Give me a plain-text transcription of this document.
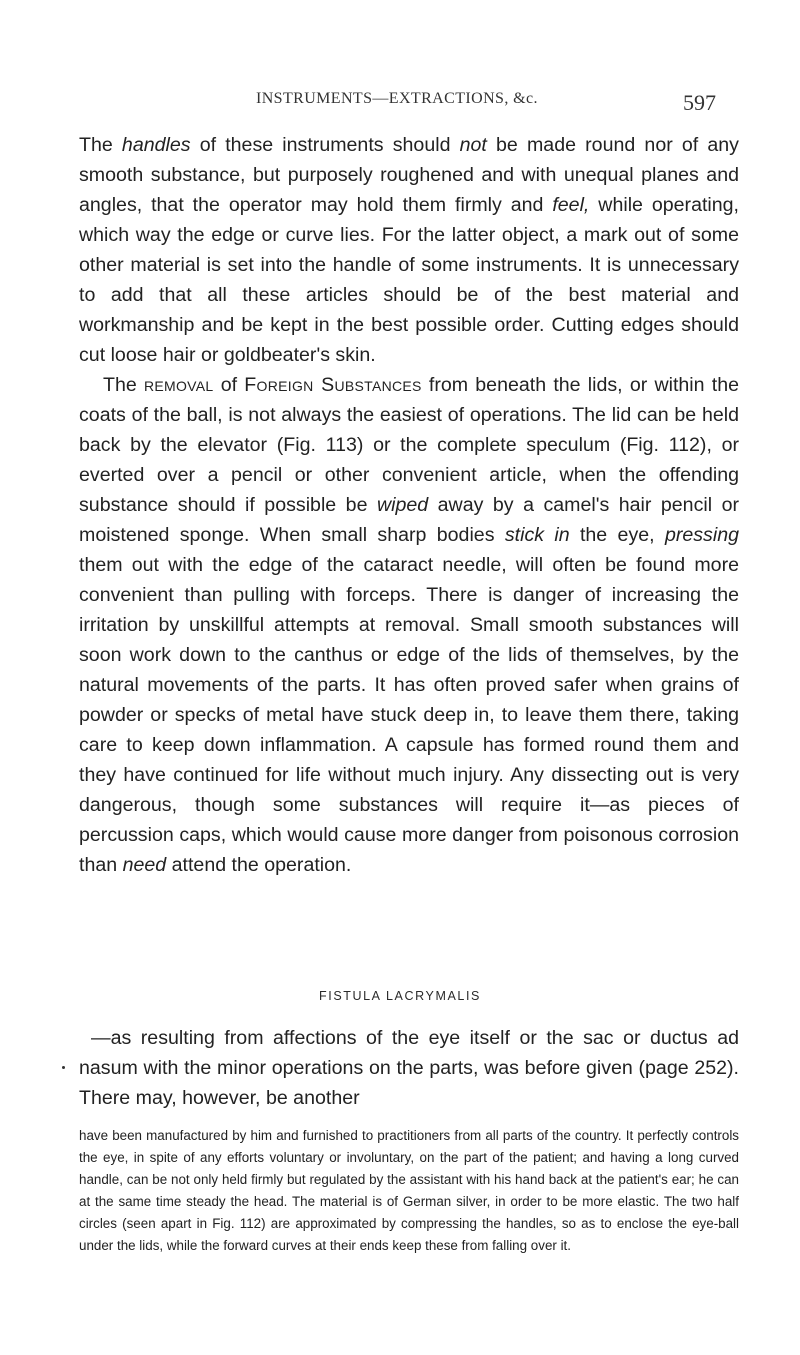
INSTRUMENTS—EXTRACTIONS, &c.	597

The handles of these instruments should not be made round nor of any smooth substance, but purposely roughened and with unequal planes and angles, that the operator may hold them firmly and feel, while operating, which way the edge or curve lies. For the latter object, a mark out of some other material is set into the handle of some instruments. It is unnecessary to add that all these articles should be of the best material and workmanship and be kept in the best possible order. Cutting edges should cut loose hair or goldbeater's skin.

The removal of Foreign Substances from beneath the lids, or within the coats of the ball, is not always the easiest of operations. The lid can be held back by the elevator (Fig. 113) or the complete speculum (Fig. 112), or everted over a pencil or other convenient article, when the offending substance should if possible be wiped away by a camel's hair pencil or moistened sponge. When small sharp bodies stick in the eye, pressing them out with the edge of the cataract needle, will often be found more convenient than pulling with forceps. There is danger of increasing the irritation by unskillful attempts at removal. Small smooth substances will soon work down to the canthus or edge of the lids of themselves, by the natural movements of the parts. It has often proved safer when grains of powder or specks of metal have stuck deep in, to leave them there, taking care to keep down inflammation. A capsule has formed round them and they have continued for life without much injury. Any dissecting out is very dangerous, though some substances will require it—as pieces of percussion caps, which would cause more danger from poisonous corrosion than need attend the operation.

FISTULA LACRYMALIS

—as resulting from affections of the eye itself or the sac or ductus ad nasum with the minor operations on the parts, was before given (page 252). There may, however, be another

have been manufactured by him and furnished to practitioners from all parts of the country. It perfectly controls the eye, in spite of any efforts voluntary or involuntary, on the part of the patient; and having a long curved handle, can be not only held firmly but regulated by the assistant with his hand back at the patient's ear; he can at the same time steady the head. The material is of German silver, in order to be more elastic. The two half circles (seen apart in Fig. 112) are approximated by compressing the handles, so as to enclose the eye-ball under the lids, while the forward curves at their ends keep these from falling over it.
